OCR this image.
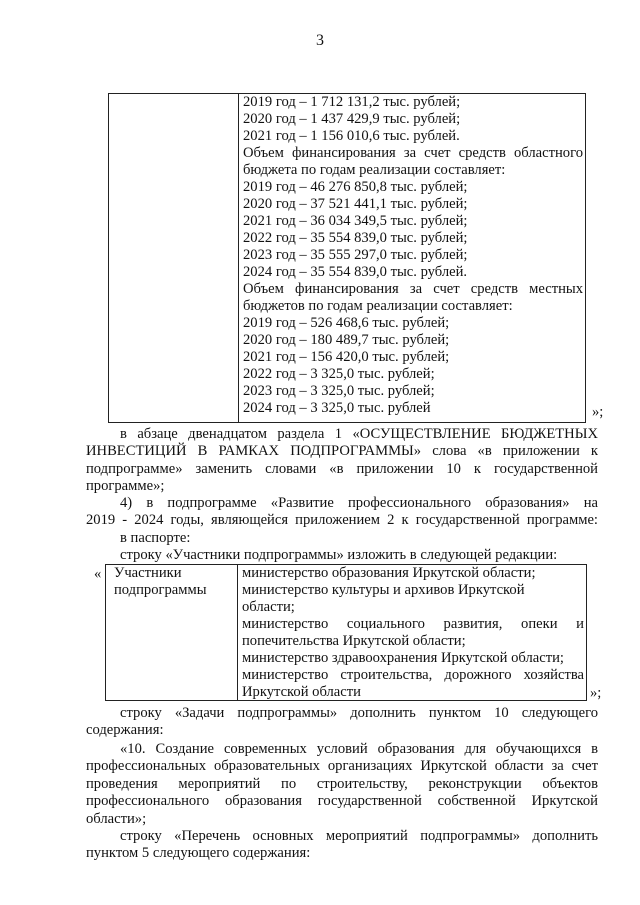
3
2019 год – 1 712 131,2 тыс. рублей;
2020 год – 1 437 429,9 тыс. рублей;
2021 год – 1 156 010,6 тыс. рублей.
Объем финансирования за счет средств областного
бюджета по годам реализации составляет:
2019 год – 46 276 850,8 тыс. рублей;
2020 год – 37 521 441,1 тыс. рублей;
2021 год – 36 034 349,5 тыс. рублей;
2022 год – 35 554 839,0 тыс. рублей;
2023 год – 35 555 297,0 тыс. рублей;
2024 год – 35 554 839,0 тыс. рублей.
Объем финансирования за счет средств местных
бюджетов по годам реализации составляет:
2019 год – 526 468,6 тыс. рублей;
2020 год – 180 489,7 тыс. рублей;
2021 год – 156 420,0 тыс. рублей;
2022 год – 3 325,0 тыс. рублей;
2023 год – 3 325,0 тыс. рублей;
2024 год – 3 325,0 тыс. рублей	»;
в абзаце двенадцатом раздела 1 «ОСУЩЕСТВЛЕНИЕ БЮДЖЕТНЫХ
ИНВЕСТИЦИЙ В РАМКАХ ПОДПРОГРАММЫ» слова «в приложении к
подпрограмме» заменить словами «в приложении 10 к государственной
программе»;
4) в подпрограмме «Развитие профессионального образования» на
2019 - 2024 годы, являющейся приложением 2 к государственной программе:
в паспорте:
строку «Участники подпрограммы» изложить в следующей редакции:
« Участники
подпрограммы
министерство образования Иркутской области;
министерство культуры и архивов Иркутской
области;
министерство социального развития, опеки и
попечительства Иркутской области;
министерство здравоохранения Иркутской области;
министерство строительства, дорожного хозяйства
Иркутской области	»;
строку «Задачи подпрограммы» дополнить пунктом 10 следующего
содержания:
«10. Создание современных условий образования для обучающихся в
профессиональных образовательных организациях Иркутской области за счет
проведения мероприятий по строительству, реконструкции объектов
профессионального образования государственной собственной Иркутской
области»;
строку «Перечень основных мероприятий подпрограммы» дополнить
пунктом 5 следующего содержания:
